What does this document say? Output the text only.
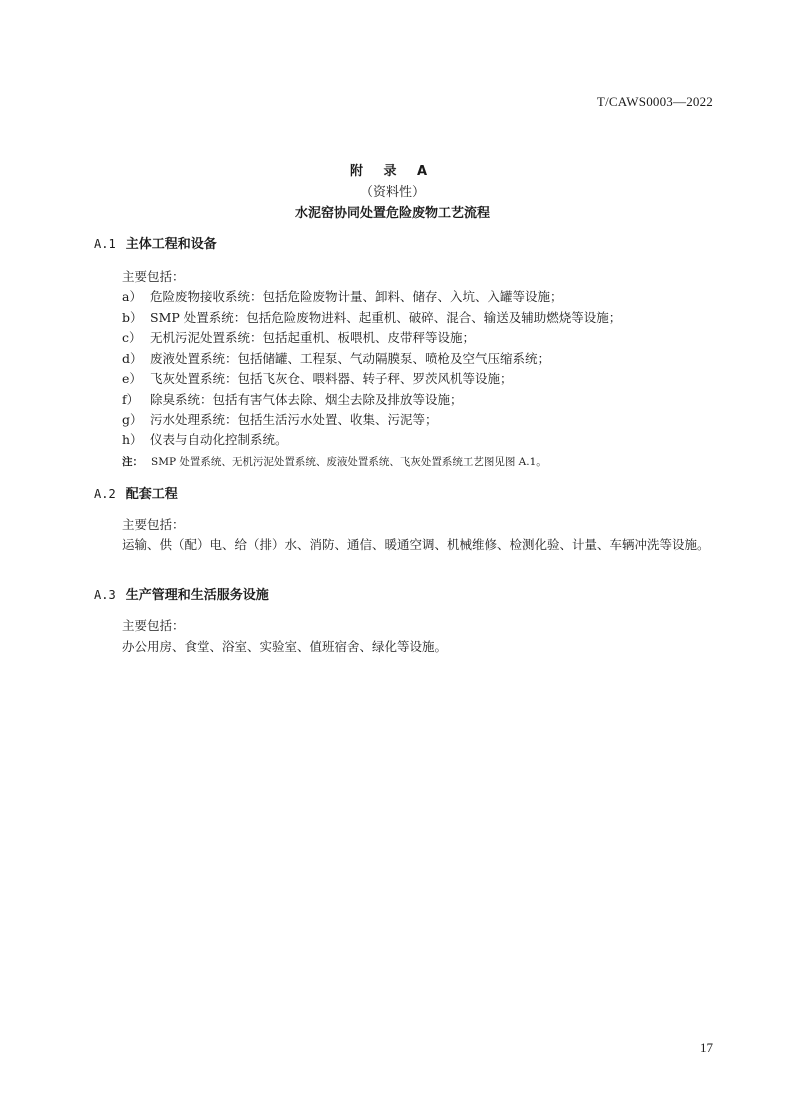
T/CAWS0003—2022
附 录 A
（资料性）
水泥窑协同处置危险废物工艺流程
A.1 主体工程和设备
主要包括：
a） 危险废物接收系统：包括危险废物计量、卸料、储存、入坑、入罐等设施；
b） SMP 处置系统：包括危险废物进料、起重机、破碎、混合、输送及辅助燃烧等设施；
c） 无机污泥处置系统：包括起重机、板喂机、皮带秤等设施；
d） 废液处置系统：包括储罐、工程泵、气动隔膜泵、喷枪及空气压缩系统；
e） 飞灰处置系统：包括飞灰仓、喂料器、转子秤、罗茨风机等设施；
f） 除臭系统：包括有害气体去除、烟尘去除及排放等设施；
g） 污水处理系统：包括生活污水处置、收集、污泥等；
h） 仪表与自动化控制系统。
注： SMP 处置系统、无机污泥处置系统、废液处置系统、飞灰处置系统工艺图见图 A.1。
A.2 配套工程
主要包括：
运输、供（配）电、给（排）水、消防、通信、暖通空调、机械维修、检测化验、计量、车辆冲洗等设施。
A.3 生产管理和生活服务设施
主要包括：
办公用房、食堂、浴室、实验室、值班宿舍、绿化等设施。
17
